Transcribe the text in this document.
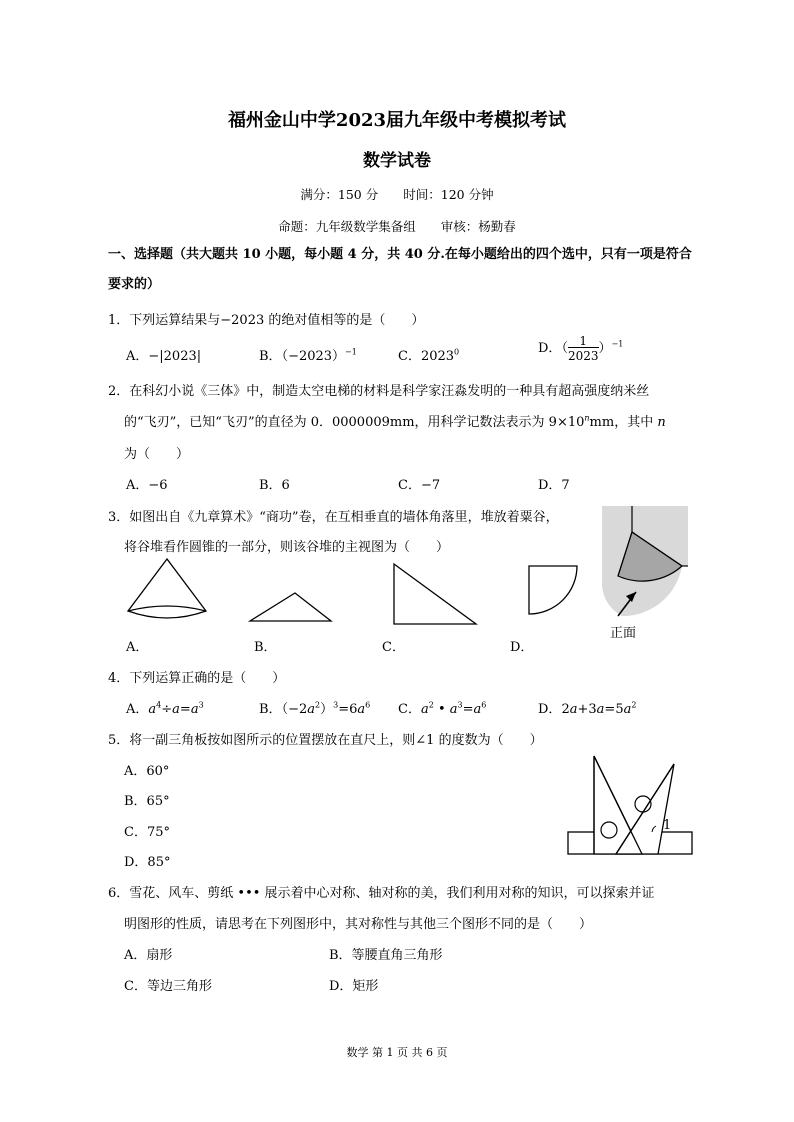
福州金山中学2023届九年级中考模拟考试
数学试卷
满分：150 分　　时间：120 分钟
命题：九年级数学集备组　　审核：杨勤春
一、选择题（共大题共 10 小题，每小题 4 分，共 40 分.在每小题给出的四个选中，只有一项是符合要求的）
1．下列运算结果与−2023 的绝对值相等的是（　　）
A．−|2023|	B．$(-2023)^{-1}$	C．2023$^0$	D．（ $\frac{1}{2023} )^{-1}$
2．在科幻小说《三体》中，制造太空电梯的材料是科学家汪淼发明的一种具有超高强度纳米丝
的“飞刃”，已知“飞刃”的直径为 0．0000009mm，用科学记数法表示为 $9\times 10^nmm$，其中 n
为（　　）
A．−6	B．6	C．−7	D．7
3．如图出自《九章算术》“商功”卷，在互相垂直的墙体角落里，堆放着粟谷，
将谷堆看作圆锥的一部分，则该谷堆的主视图为（　　）
A．	B．	C．	D．
正面
4．下列运算正确的是（　　）
A．$a^4\div a=a^3$	B．$(-2a^2)^3=6a^6$ C．$a^2$ • $a^3=a^6$	D．$2a+3a=5a^2$
5．将一副三角板按如图所示的位置摆放在直尺上，则∠1 的度数为（　　）
A．60°
B．65°
C．75°
D．85°
1
6．雪花、风车、剪纸 ••• 展示着中心对称、轴对称的美，我们利用对称的知识，可以探索并证
明图形的性质，请思考在下列图形中，其对称性与其他三个图形不同的是（　　）
A．扇形	B．等腰直角三角形
C．等边三角形	D．矩形
数学 第 1 页 共 6 页
